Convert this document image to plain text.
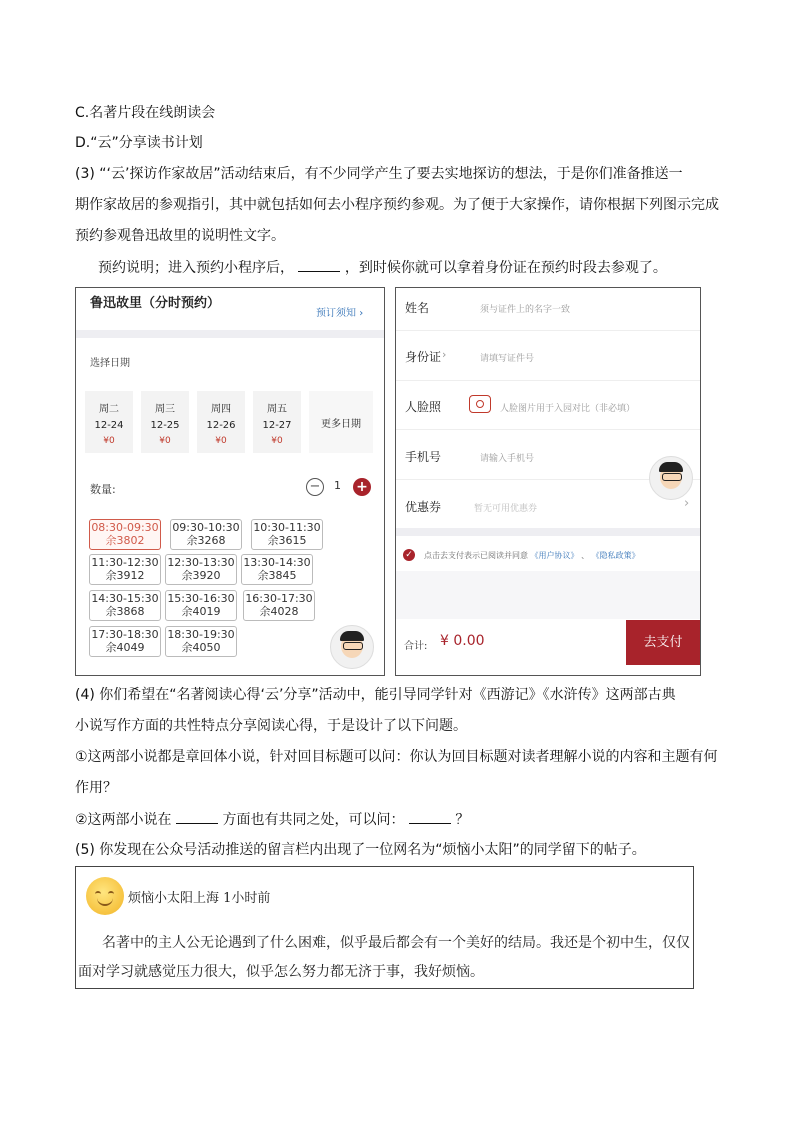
C.名著片段在线朗读会
D.“云”分享读书计划
(3) “‘云’探访作家故居”活动结束后，有不少同学产生了要去实地探访的想法，于是你们准备推送一
期作家故居的参观指引，其中就包括如何去小程序预约参观。为了便于大家操作，请你根据下列图示完成
预约参观鲁迅故里的说明性文字。
预约说明；进入预约小程序后，	，到时候你就可以拿着身份证在预约时段去参观了。
鲁迅故里（分时预约）
预订须知 ›
选择日期
周二
12-24
¥0
周三
12-25
¥0
周四
12-26
¥0
周五
12-27
¥0
更多日期
数量:	−	1 +
08:30-09:30
余3802
09:30-10:30
余3268
10:30-11:30
余3615
11:30-12:30
余3912
12:30-13:30
余3920
13:30-14:30
余3845
14:30-15:30
余3868
15:30-16:30
余4019
16:30-17:30
余4028
17:30-18:30
余4049
18:30-19:30
余4050
姓名	须与证件上的名字一致
身份证 ›	请填写证件号
人脸照	人脸图片用于入园对比（非必填）
手机号	请输入手机号
优惠券	暂无可用优惠券	›
✓ 点击去支付表示已阅读并同意 《用户协议》 、 《隐私政策》
合计: ¥ 0.00	去支付
(4) 你们希望在“名著阅读心得‘云’分享”活动中，能引导同学针对《西游记》《水浒传》这两部古典
小说写作方面的共性特点分享阅读心得，于是设计了以下问题。
①这两部小说都是章回体小说，针对回目标题可以问：你认为回目标题对读者理解小说的内容和主题有何
作用？
②这两部小说在	方面也有共同之处，可以问：	？
(5) 你发现在公众号活动推送的留言栏内出现了一位网名为“烦恼小太阳”的同学留下的帖子。
烦恼小太阳上海 1小时前
名著中的主人公无论遇到了什么困难，似乎最后都会有一个美好的结局。我还是个初中生，仅仅
面对学习就感觉压力很大，似乎怎么努力都无济于事，我好烦恼。
